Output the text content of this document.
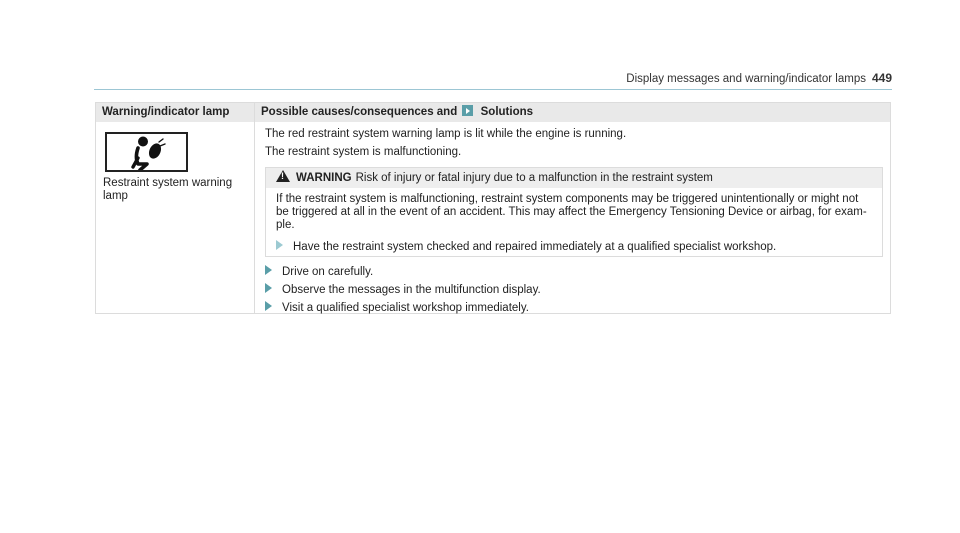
Display messages and warning/indicator lamps 449
Warning/indicator lamp	Possible causes/consequences and Solutions
Restraint system warning lamp
The red restraint system warning lamp is lit while the engine is running.
The restraint system is malfunctioning.
Drive on carefully.
Observe the messages in the multifunction display.
Visit a qualified specialist workshop immediately.
!WARNING Risk of injury or fatal injury due to a malfunction in the restraint system
If the restraint system is malfunctioning, restraint system components may be triggered unintentionally or might not be triggered at all in the event of an accident. This may affect the Emergency Tensioning Device or airbag, for exam-ple.
Have the restraint system checked and repaired immediately at a qualified specialist workshop.
